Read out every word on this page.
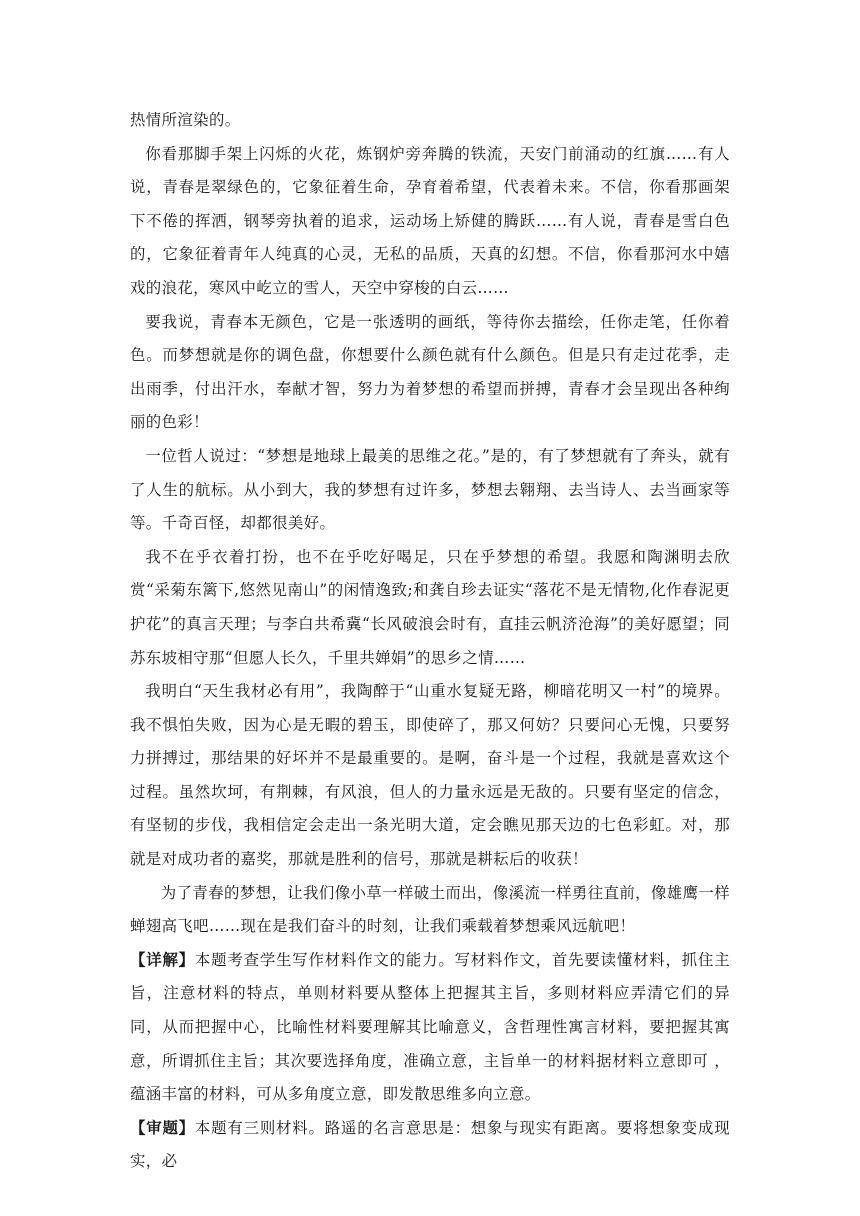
热情所渲染的。

你看那脚手架上闪烁的火花，炼钢炉旁奔腾的铁流，天安门前涌动的红旗……有人说，青春是翠绿色的，它象征着生命，孕育着希望，代表着未来。不信，你看那画架下不倦的挥洒，钢琴旁执着的追求，运动场上矫健的腾跃……有人说，青春是雪白色的，它象征着青年人纯真的心灵，无私的品质，天真的幻想。不信，你看那河水中嬉戏的浪花，寒风中屹立的雪人，天空中穿梭的白云……

要我说，青春本无颜色，它是一张透明的画纸，等待你去描绘，任你走笔，任你着色。而梦想就是你的调色盘，你想要什么颜色就有什么颜色。但是只有走过花季，走出雨季，付出汗水，奉献才智，努力为着梦想的希望而拼搏，青春才会呈现出各种绚丽的色彩！

一位哲人说过：“梦想是地球上最美的思维之花。”是的，有了梦想就有了奔头，就有了人生的航标。从小到大，我的梦想有过许多，梦想去翱翔、去当诗人、去当画家等等。千奇百怪，却都很美好。

我不在乎衣着打扮，也不在乎吃好喝足，只在乎梦想的希望。我愿和陶渊明去欣赏“采菊东篱下,悠然见南山”的闲情逸致;和龚自珍去证实“落花不是无情物,化作春泥更护花”的真言天理；与李白共希冀“长风破浪会时有，直挂云帆济沧海”的美好愿望；同苏东坡相守那“但愿人长久，千里共婵娟”的思乡之情……

我明白“天生我材必有用”，我陶醉于“山重水复疑无路，柳暗花明又一村”的境界。我不惧怕失败，因为心是无暇的碧玉，即使碎了，那又何妨？只要问心无愧，只要努力拼搏过，那结果的好坏并不是最重要的。是啊，奋斗是一个过程，我就是喜欢这个过程。虽然坎坷，有荆棘，有风浪，但人的力量永远是无敌的。只要有坚定的信念，有坚韧的步伐，我相信定会走出一条光明大道，定会瞧见那天边的七色彩虹。对，那就是对成功者的嘉奖，那就是胜利的信号，那就是耕耘后的收获！

为了青春的梦想，让我们像小草一样破土而出，像溪流一样勇往直前，像雄鹰一样蝉翅高飞吧……现在是我们奋斗的时刻，让我们乘载着梦想乘风远航吧！

【详解】本题考查学生写作材料作文的能力。写材料作文，首先要读懂材料，抓住主旨，注意材料的特点，单则材料要从整体上把握其主旨，多则材料应弄清它们的异同，从而把握中心，比喻性材料要理解其比喻意义，含哲理性寓言材料，要把握其寓意，所谓抓住主旨；其次要选择角度，准确立意，主旨单一的材料据材料立意即可 ，蕴涵丰富的材料，可从多角度立意，即发散思维多向立意。

【审题】本题有三则材料。路遥的名言意思是：想象与现实有距离。要将想象变成现实，必
